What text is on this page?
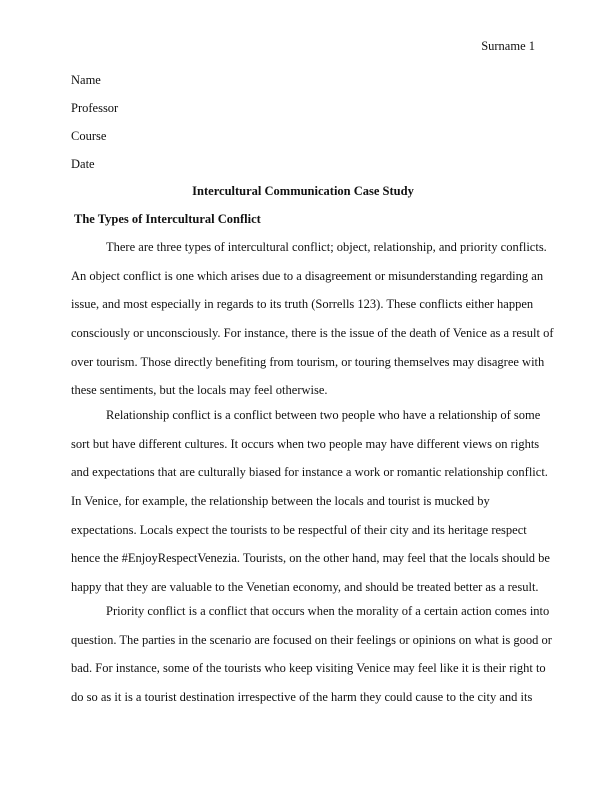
Surname 1
Name
Professor
Course
Date
Intercultural Communication Case Study
The Types of Intercultural Conflict
There are three types of intercultural conflict; object, relationship, and priority conflicts.
An object conflict is one which arises due to a disagreement or misunderstanding regarding an
issue, and most especially in regards to its truth (Sorrells 123). These conflicts either happen
consciously or unconsciously. For instance, there is the issue of the death of Venice as a result of
over tourism. Those directly benefiting from tourism, or touring themselves may disagree with
these sentiments, but the locals may feel otherwise.
Relationship conflict is a conflict between two people who have a relationship of some
sort but have different cultures. It occurs when two people may have different views on rights
and expectations that are culturally biased for instance a work or romantic relationship conflict.
In Venice, for example, the relationship between the locals and tourist is mucked by
expectations. Locals expect the tourists to be respectful of their city and its heritage respect
hence the #EnjoyRespectVenezia. Tourists, on the other hand, may feel that the locals should be
happy that they are valuable to the Venetian economy, and should be treated better as a result.
Priority conflict is a conflict that occurs when the morality of a certain action comes into
question. The parties in the scenario are focused on their feelings or opinions on what is good or
bad. For instance, some of the tourists who keep visiting Venice may feel like it is their right to
do so as it is a tourist destination irrespective of the harm they could cause to the city and its
